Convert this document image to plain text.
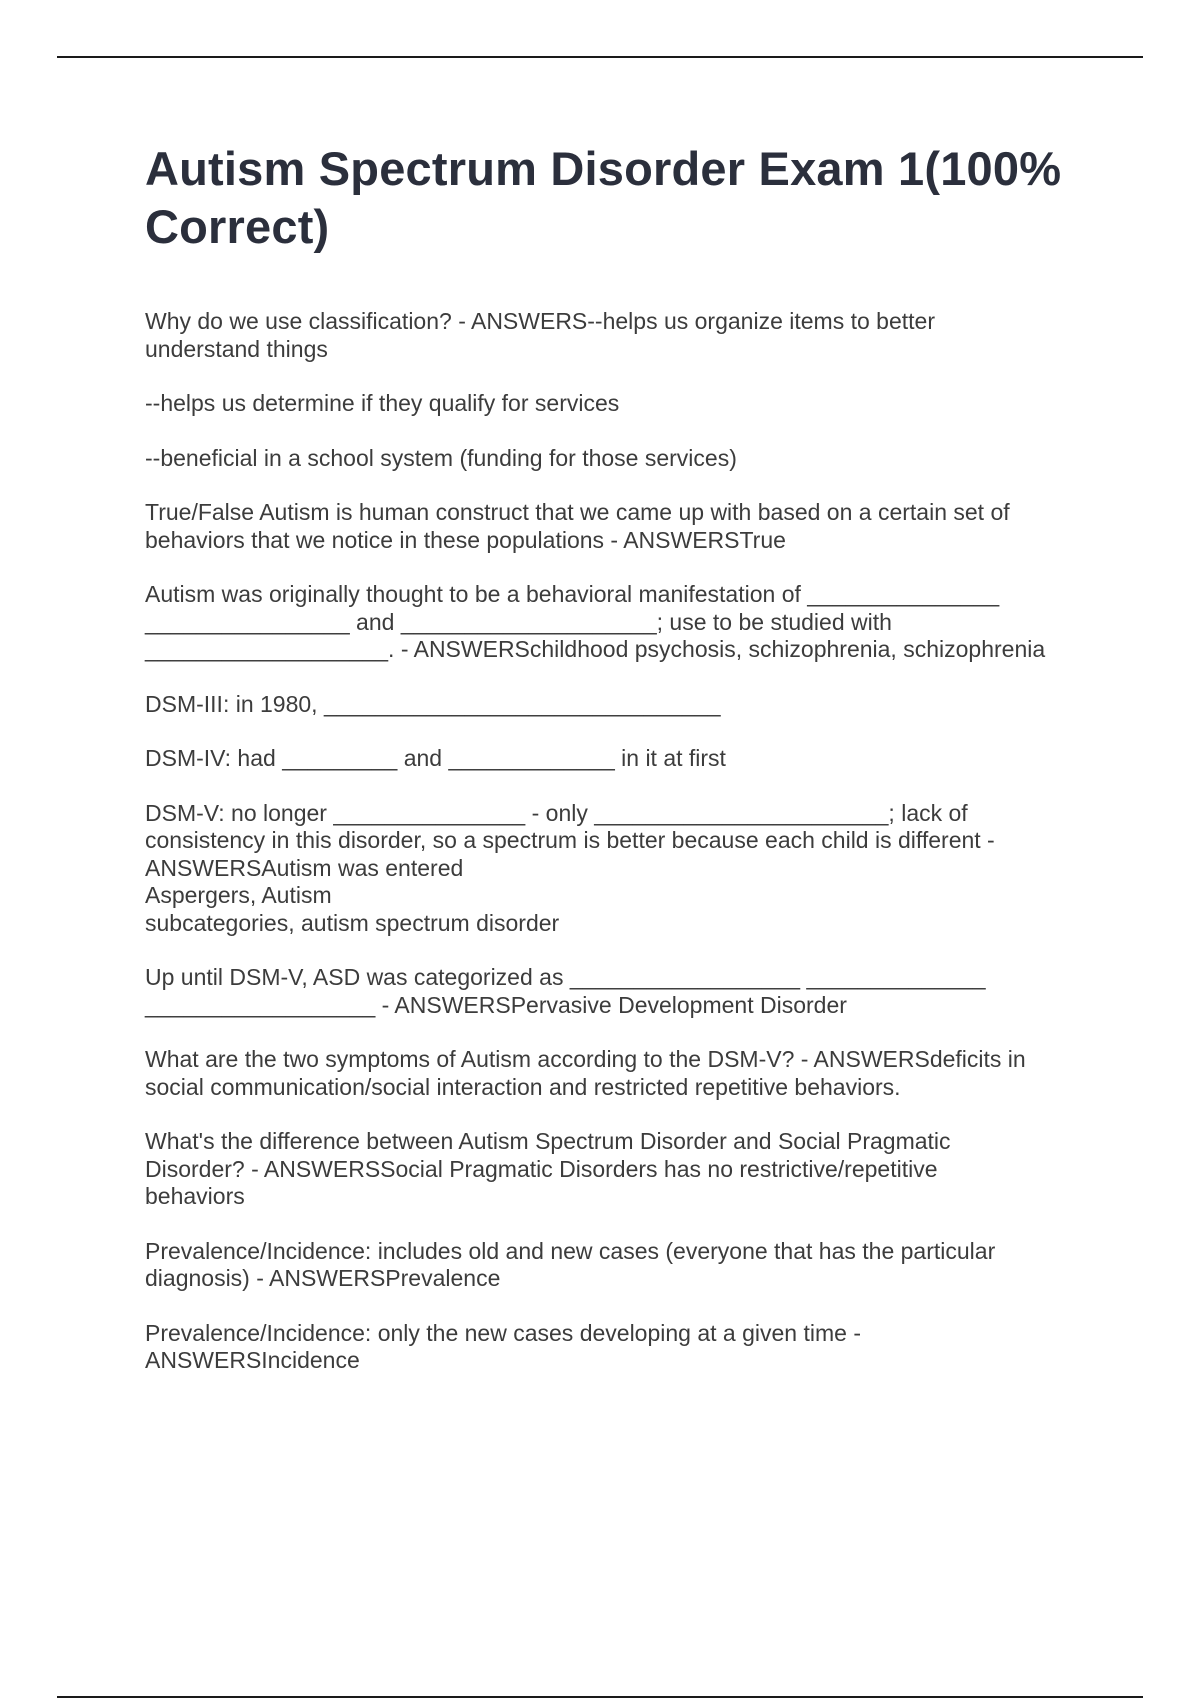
Autism Spectrum Disorder Exam 1(100% Correct)

Why do we use classification? - ANSWERS--helps us organize items to better
understand things

--helps us determine if they qualify for services

--beneficial in a school system (funding for those services)

True/False Autism is human construct that we came up with based on a certain set of
behaviors that we notice in these populations - ANSWERSTrue

Autism was originally thought to be a behavioral manifestation of _______________
________________ and ____________________; use to be studied with
___________________. - ANSWERSchildhood psychosis, schizophrenia, schizophrenia

DSM-III: in 1980, _______________________________

DSM-IV: had _________ and _____________ in it at first

DSM-V: no longer _______________ - only _______________________; lack of
consistency in this disorder, so a spectrum is better because each child is different -
ANSWERSAutism was entered
Aspergers, Autism
subcategories, autism spectrum disorder

Up until DSM-V, ASD was categorized as __________________ ______________
__________________ - ANSWERSPervasive Development Disorder

What are the two symptoms of Autism according to the DSM-V? - ANSWERSdeficits in
social communication/social interaction and restricted repetitive behaviors.

What's the difference between Autism Spectrum Disorder and Social Pragmatic
Disorder? - ANSWERSSocial Pragmatic Disorders has no restrictive/repetitive
behaviors

Prevalence/Incidence: includes old and new cases (everyone that has the particular
diagnosis) - ANSWERSPrevalence

Prevalence/Incidence: only the new cases developing at a given time -
ANSWERSIncidence
